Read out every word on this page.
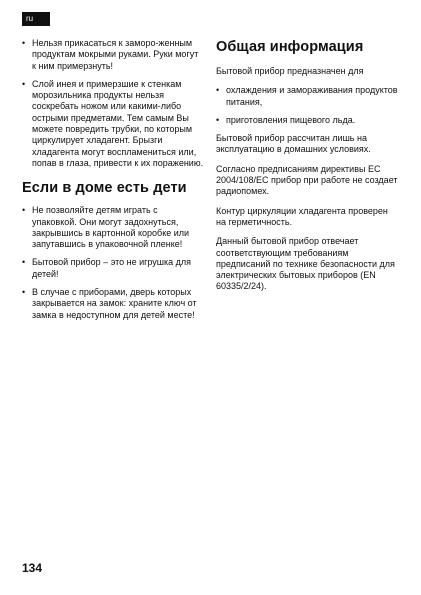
ru
• Нельзя прикасаться к заморо-женным продуктам мокрыми руками. Руки могут к ним примерзнуть!
• Слой инея и примерзшие к стенкам морозильника продукты нельзя соскребать ножом или какими-либо острыми предметами. Тем самым Вы можете повредить трубки, по которым циркулирует хладагент. Брызги хладагента могут воспламениться или, попав в глаза, привести к их поражению.
Если в доме есть дети
• Не позволяйте детям играть с упаковкой. Они могут задохнуться, закрывшись в картонной коробке или запутавшись в упаковочной пленке!
• Бытовой прибор – это не игрушка для детей!
• В случае с приборами, дверь которых закрывается на замок: храните ключ от замка в недоступном для детей месте!
Общая информация

Бытовой прибор предназначен для

• охлаждения и замораживания продуктов питания,
• приготовления пищевого льда.

Бытовой прибор рассчитан лишь на эксплуатацию в домашних условиях.

Согласно предписаниям директивы EC 2004/108/EC прибор при работе не создает радиопомех.

Контур циркуляции хладагента проверен на герметичность.

Данный бытовой прибор отвечает соответствующим требованиям предписаний по технике безопасности для электрических бытовых приборов (EN 60335/2/24).

134
